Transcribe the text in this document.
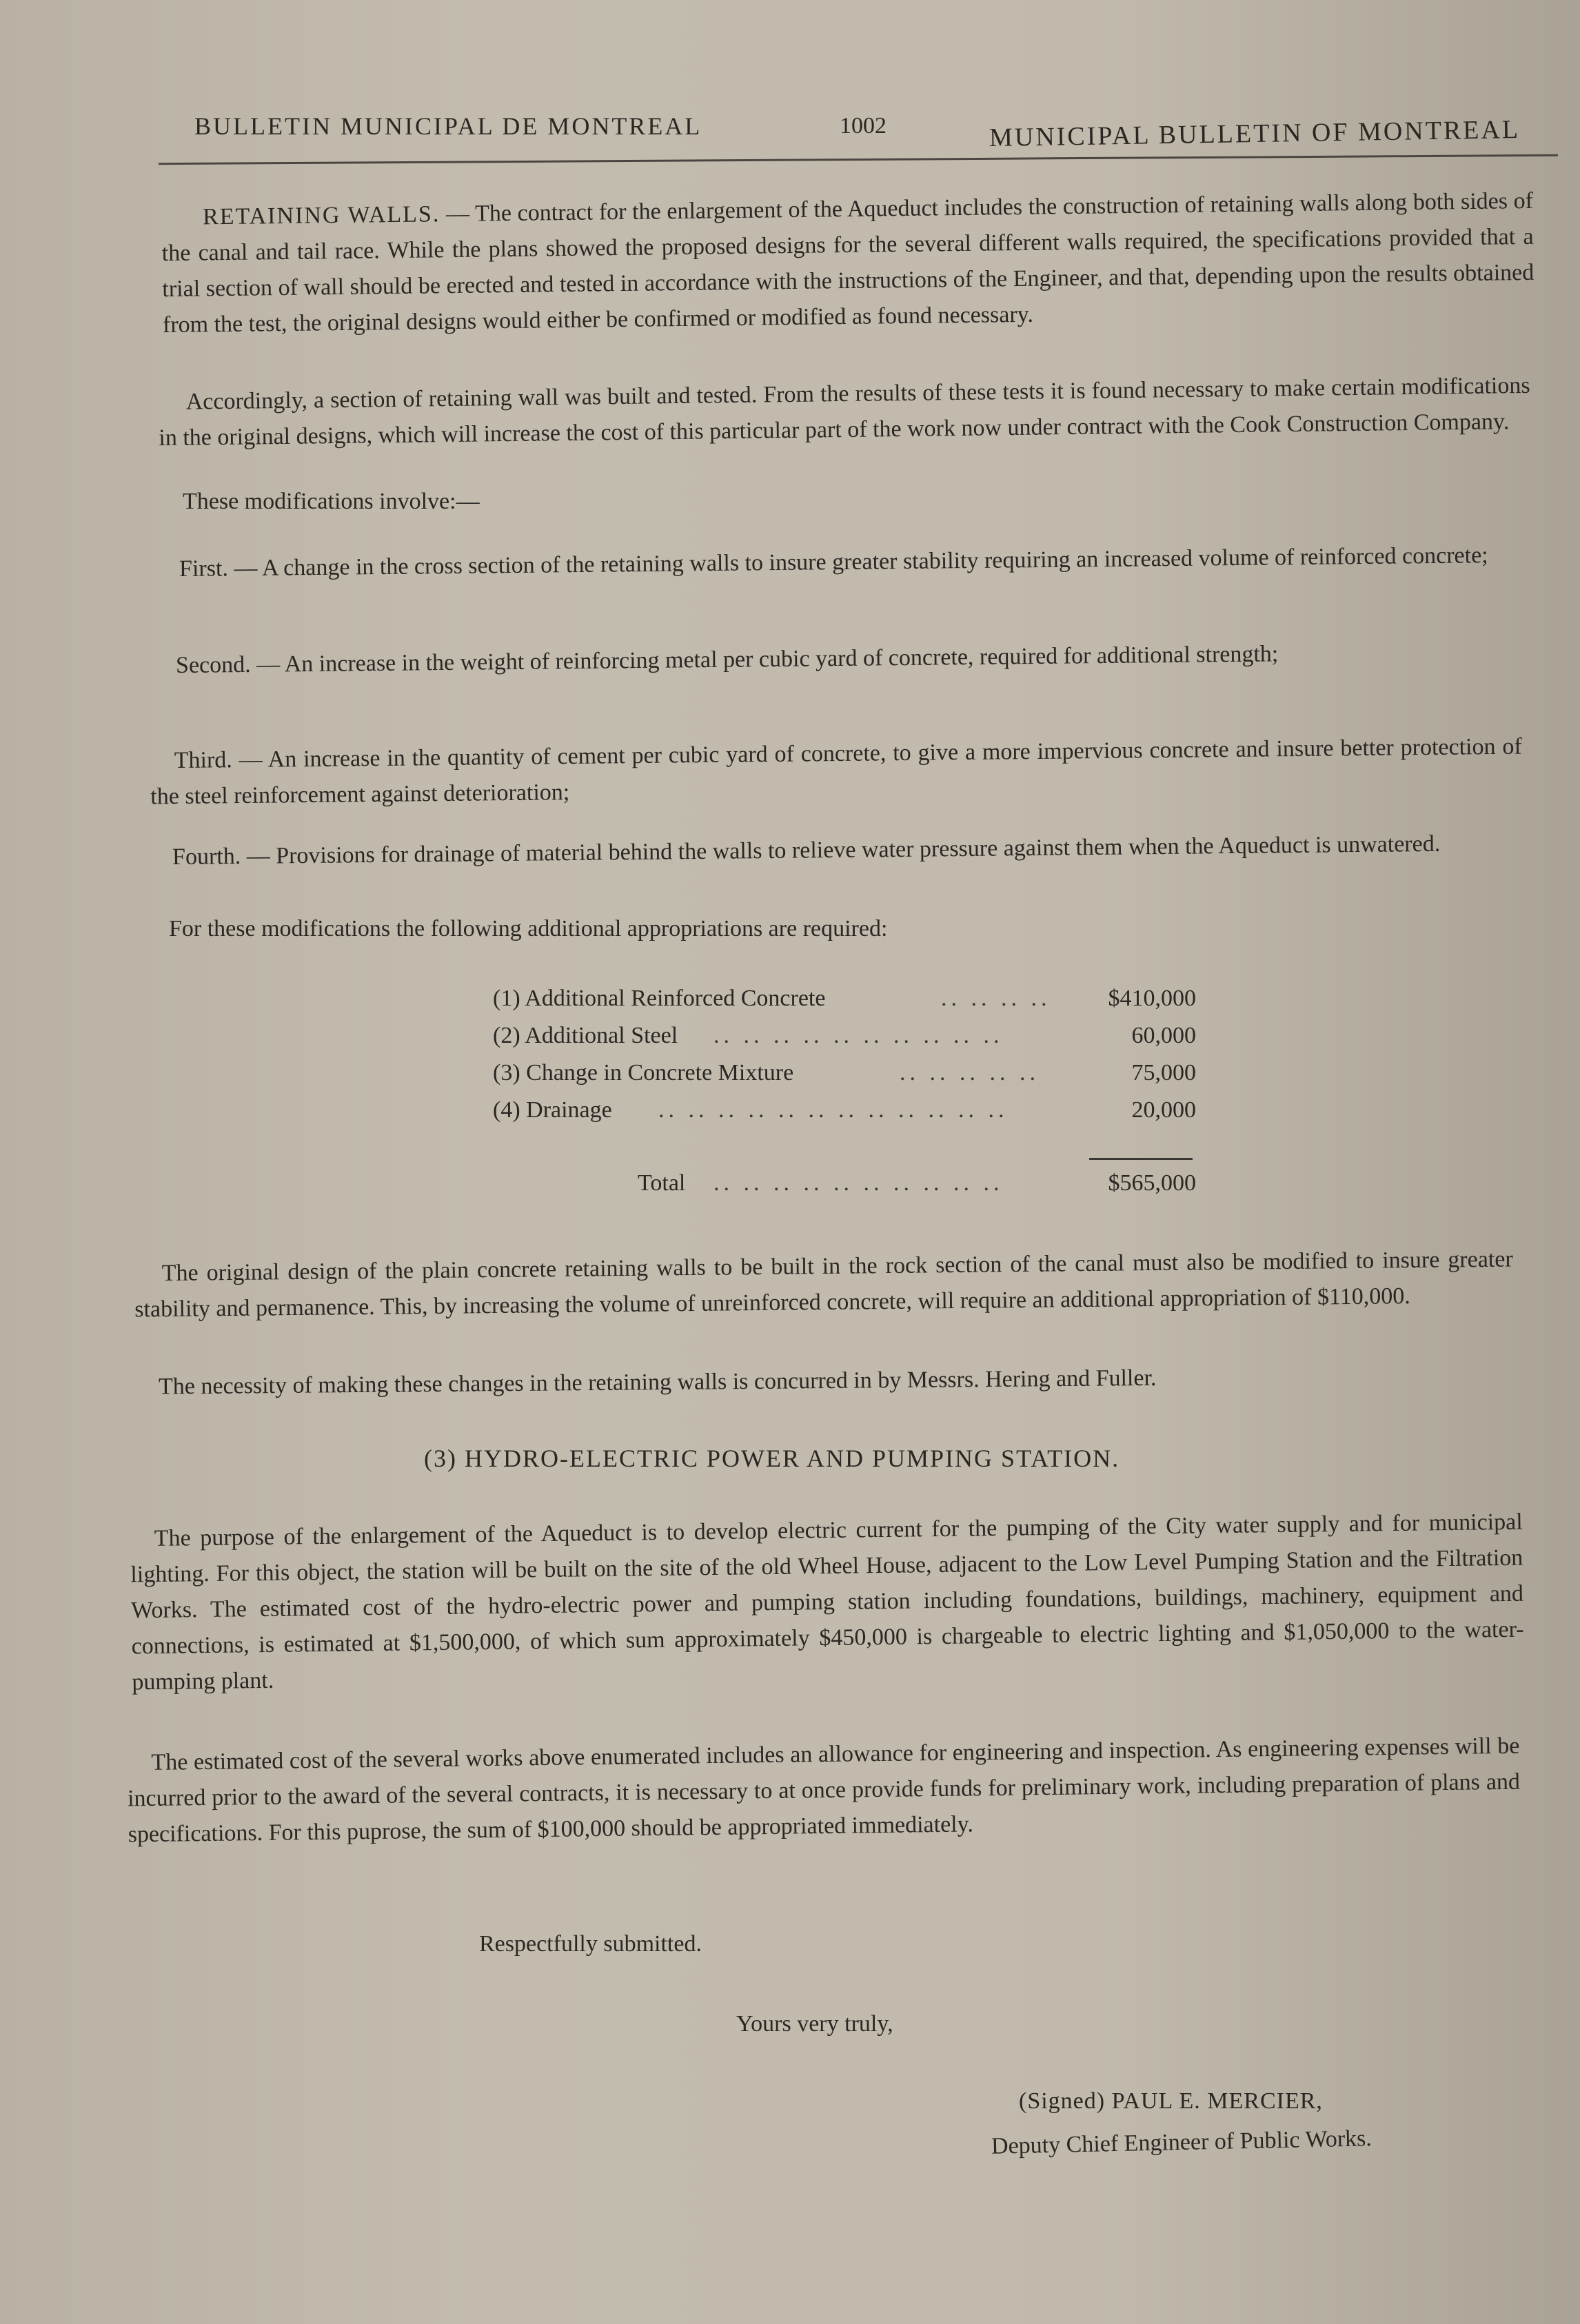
BULLETIN MUNICIPAL DE MONTREAL	1002	MUNICIPAL BULLETIN OF MONTREAL

RETAINING WALLS. — The contract for the enlargement of the Aqueduct includes the construction of retaining walls along both sides of the canal and tail race. While the plans showed the proposed designs for the several different walls required, the specifications provided that a trial section of wall should be erected and tested in accordance with the instructions of the Engineer, and that, depending upon the results obtained from the test, the original designs would either be confirmed or modified as found necessary.

Accordingly, a section of retaining wall was built and tested. From the results of these tests it is found necessary to make certain modifications in the original designs, which will increase the cost of this particular part of the work now under contract with the Cook Construction Company.

These modifications involve:—

First. — A change in the cross section of the retaining walls to insure greater stability requiring an increased volume of reinforced concrete;

Second. — An increase in the weight of reinforcing metal per cubic yard of concrete, required for additional strength;

Third. — An increase in the quantity of cement per cubic yard of concrete, to give a more impervious concrete and insure better protection of the steel reinforcement against deterioration;

Fourth. — Provisions for drainage of material behind the walls to relieve water pressure against them when the Aqueduct is unwatered.

For these modifications the following additional appropriations are required:

(1) Additional Reinforced Concrete	.. .. .. .. $410,000
(2) Additional Steel .. .. .. .. .. .. .. .. .. ..	60,000
(3) Change in Concrete Mixture	.. .. .. .. ..	75,000
(4) Drainage .. .. .. .. .. .. .. .. .. .. .. ..	20,000
Total .. .. .. .. .. .. .. .. .. ..	$565,000

The original design of the plain concrete retaining walls to be built in the rock section of the canal must also be modified to insure greater stability and permanence. This, by increasing the volume of unreinforced concrete, will require an additional appropriation of $110,000.

The necessity of making these changes in the retaining walls is concurred in by Messrs. Hering and Fuller.

(3) HYDRO-ELECTRIC POWER AND PUMPING STATION.

The purpose of the enlargement of the Aqueduct is to develop electric current for the pumping of the City water supply and for municipal lighting. For this object, the station will be built on the site of the old Wheel House, adjacent to the Low Level Pumping Station and the Filtration Works. The estimated cost of the hydro-electric power and pumping station including foundations, buildings, machinery, equipment and connections, is estimated at $1,500,000, of which sum approximately $450,000 is chargeable to electric lighting and $1,050,000 to the water-pumping plant.

The estimated cost of the several works above enumerated includes an allowance for engineering and inspection. As engineering expenses will be incurred prior to the award of the several contracts, it is necessary to at once provide funds for preliminary work, including preparation of plans and specifications. For this puprose, the sum of $100,000 should be appropriated immediately.

Respectfully submitted.
Yours very truly,
(Signed) PAUL E. MERCIER,
Deputy Chief Engineer of Public Works.
